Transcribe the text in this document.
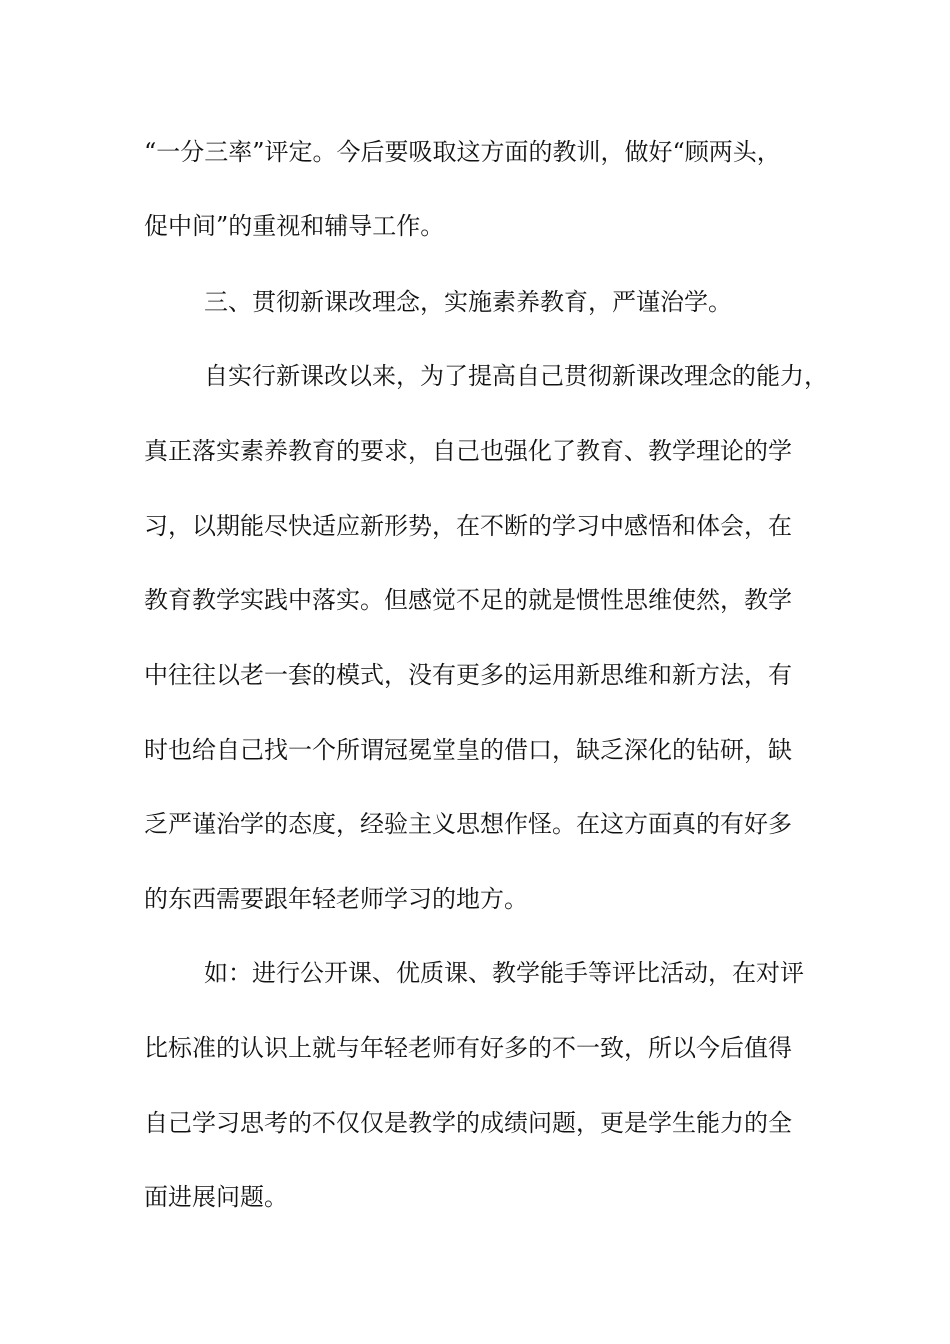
“一分三率”评定。今后要吸取这方面的教训，做好“顾两头，
促中间”的重视和辅导工作。
三、贯彻新课改理念，实施素养教育，严谨治学。
自实行新课改以来，为了提高自己贯彻新课改理念的能力，
真正落实素养教育的要求，自己也强化了教育、教学理论的学
习，以期能尽快适应新形势，在不断的学习中感悟和体会，在
教育教学实践中落实。但感觉不足的就是惯性思维使然，教学
中往往以老一套的模式，没有更多的运用新思维和新方法，有
时也给自己找一个所谓冠冕堂皇的借口，缺乏深化的钻研，缺
乏严谨治学的态度，经验主义思想作怪。在这方面真的有好多
的东西需要跟年轻老师学习的地方。
如：进行公开课、优质课、教学能手等评比活动，在对评
比标准的认识上就与年轻老师有好多的不一致，所以今后值得
自己学习思考的不仅仅是教学的成绩问题，更是学生能力的全
面进展问题。
